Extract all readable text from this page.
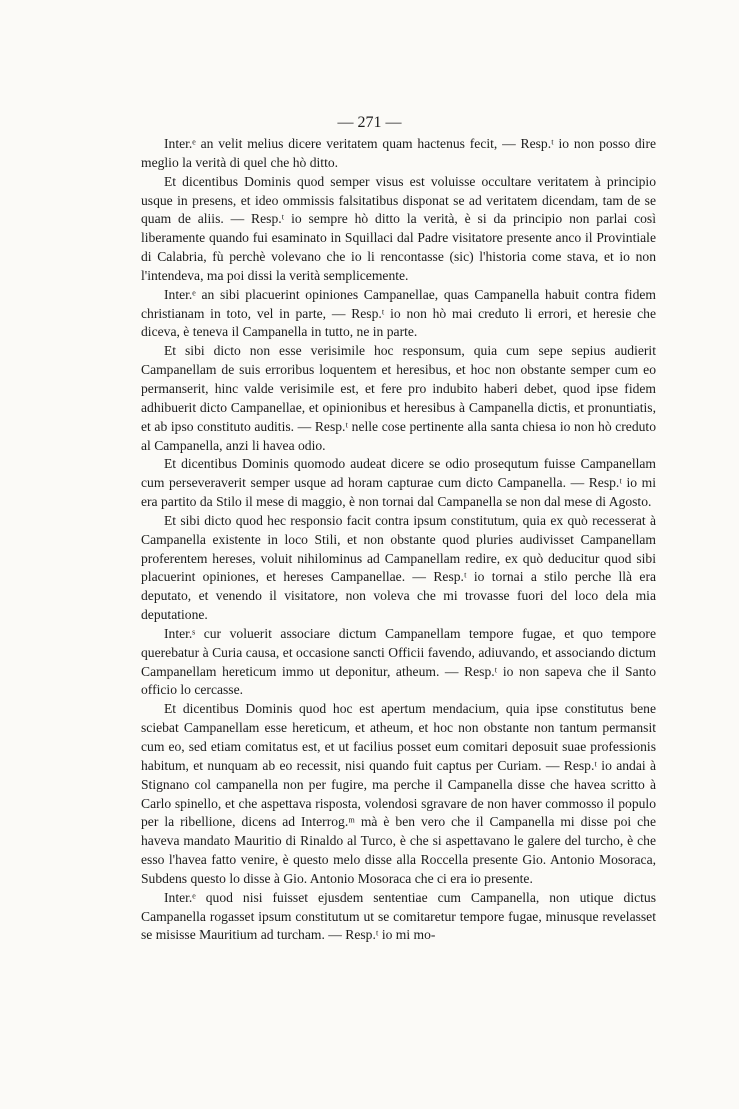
— 271 —

Inter.ᵉ an velit melius dicere veritatem quam hactenus fecit, — Resp.ᵗ io non posso dire meglio la verità di quel che hò ditto.

Et dicentibus Dominis quod semper visus est voluisse occultare veritatem à principio usque in presens, et ideo ommissis falsitatibus disponat se ad veritatem dicendam, tam de se quam de aliis. — Resp.ᵗ io sempre hò ditto la verità, è si da principio non parlai così liberamente quando fui esaminato in Squillaci dal Padre visitatore presente anco il Provintiale di Calabria, fù perchè volevano che io li rencontasse (sic) l'historia come stava, et io non l'intendeva, ma poi dissi la verità semplicemente.

Inter.ᵉ an sibi placuerint opiniones Campanellae, quas Campanella habuit contra fidem christianam in toto, vel in parte, — Resp.ᵗ io non hò mai creduto li errori, et heresie che diceva, è teneva il Campanella in tutto, ne in parte.

Et sibi dicto non esse verisimile hoc responsum, quia cum sepe sepius audierit Campanellam de suis erroribus loquentem et heresibus, et hoc non obstante semper cum eo permanserit, hinc valde verisimile est, et fere pro indubito haberi debet, quod ipse fidem adhibuerit dicto Campanellae, et opinionibus et heresibus à Campanella dictis, et pronuntiatis, et ab ipso constituto auditis. — Resp.ᵗ nelle cose pertinente alla santa chiesa io non hò creduto al Campanella, anzi li havea odio.

Et dicentibus Dominis quomodo audeat dicere se odio prosequtum fuisse Campanellam cum perseveraverit semper usque ad horam capturae cum dicto Campanella. — Resp.ᵗ io mi era partito da Stilo il mese di maggio, è non tornai dal Campanella se non dal mese di Agosto.

Et sibi dicto quod hec responsio facit contra ipsum constitutum, quia ex quò recesserat à Campanella existente in loco Stili, et non obstante quod pluries audivisset Campanellam proferentem hereses, voluit nihilominus ad Campanellam redire, ex quò deducitur quod sibi placuerint opiniones, et hereses Campanellae. — Resp.ᵗ io tornai a stilo perche llà era deputato, et venendo il visitatore, non voleva che mi trovasse fuori del loco dela mia deputatione.

Inter.ˢ cur voluerit associare dictum Campanellam tempore fugae, et quo tempore querebatur à Curia causa, et occasione sancti Officii favendo, adiuvando, et associando dictum Campanellam hereticum immo ut deponitur, atheum. — Resp.ᵗ io non sapeva che il Santo officio lo cercasse.

Et dicentibus Dominis quod hoc est apertum mendacium, quia ipse constitutus bene sciebat Campanellam esse hereticum, et atheum, et hoc non obstante non tantum permansit cum eo, sed etiam comitatus est, et ut facilius posset eum comitari deposuit suae professionis habitum, et nunquam ab eo recessit, nisi quando fuit captus per Curiam. — Resp.ᵗ io andai à Stignano col campanella non per fugire, ma perche il Campanella disse che havea scritto à Carlo spinello, et che aspettava risposta, volendosi sgravare de non haver commosso il populo per la ribellione, dicens ad Interrog.ᵐ mà è ben vero che il Campanella mi disse poi che haveva mandato Mauritio di Rinaldo al Turco, è che si aspettavano le galere del turcho, è che esso l'havea fatto venire, è questo melo disse alla Roccella presente Gio. Antonio Mosoraca, Subdens questo lo disse à Gio. Antonio Mosoraca che ci era io presente.

Inter.ᵉ quod nisi fuisset ejusdem sententiae cum Campanella, non utique dictus Campanella rogasset ipsum constitutum ut se comitaretur tempore fugae, minusque revelasset se misisse Mauritium ad turcham. — Resp.ᵗ io mi mo-
